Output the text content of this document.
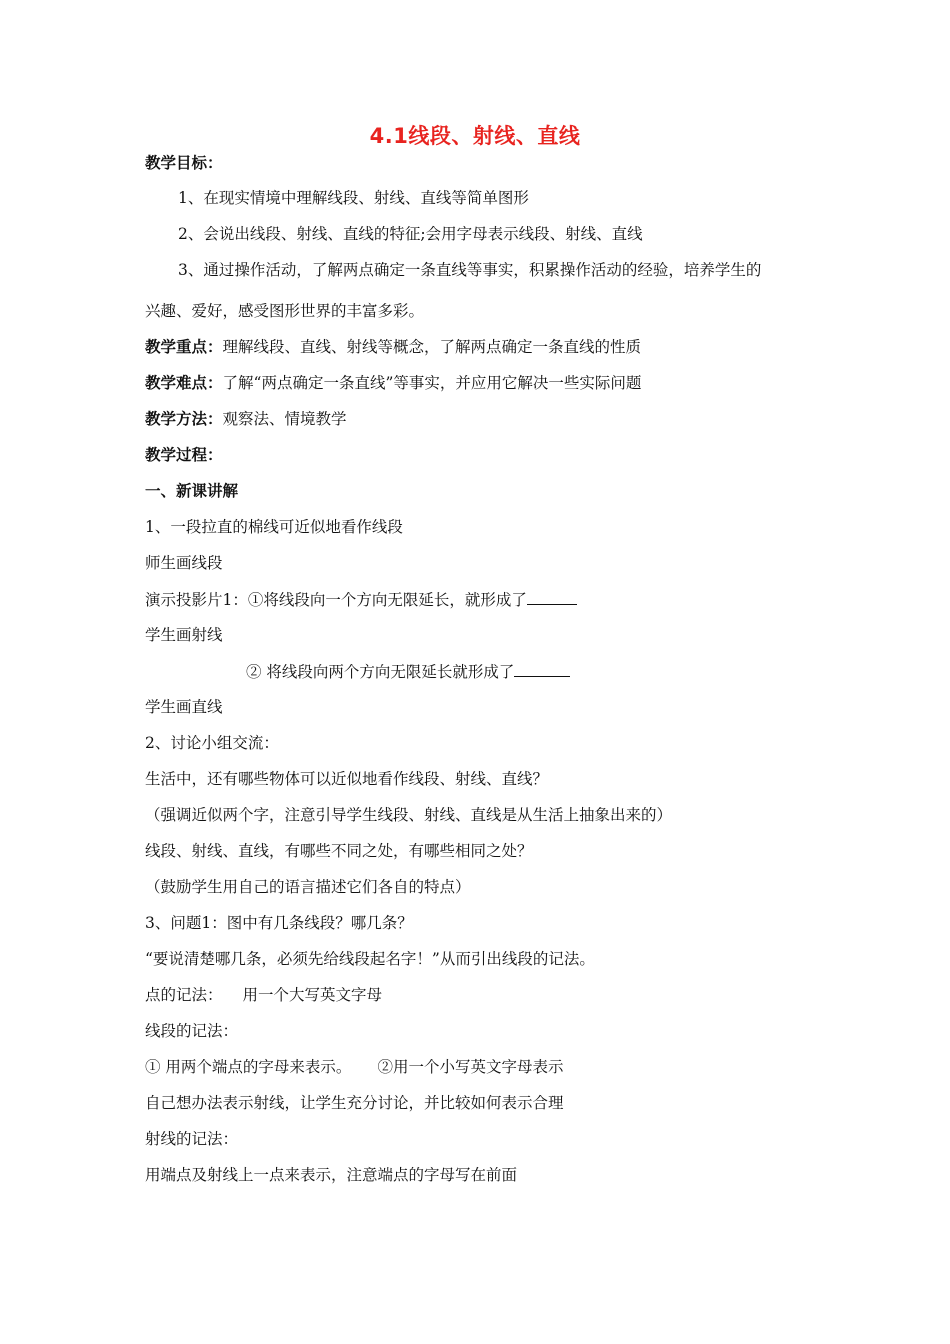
4.1线段、射线、直线
教学目标：
1、在现实情境中理解线段、射线、直线等简单图形
2、会说出线段、射线、直线的特征;会用字母表示线段、射线、直线
3、通过操作活动，了解两点确定一条直线等事实，积累操作活动的经验，培养学生的
兴趣、爱好，感受图形世界的丰富多彩。
教学重点：理解线段、直线、射线等概念，了解两点确定一条直线的性质
教学难点：了解“两点确定一条直线”等事实，并应用它解决一些实际问题
教学方法：观察法、情境教学
教学过程：
一、新课讲解
1、一段拉直的棉线可近似地看作线段
师生画线段
演示投影片1：①将线段向一个方向无限延长，就形成了
学生画射线
② 将线段向两个方向无限延长就形成了
学生画直线
2、讨论小组交流：
生活中，还有哪些物体可以近似地看作线段、射线、直线？
（强调近似两个字，注意引导学生线段、射线、直线是从生活上抽象出来的）
线段、射线、直线，有哪些不同之处，有哪些相同之处？
（鼓励学生用自己的语言描述它们各自的特点）
3、问题1：图中有几条线段？哪几条？
“要说清楚哪几条，必须先给线段起名字！”从而引出线段的记法。
点的记法： 用一个大写英文字母
线段的记法：
① 用两个端点的字母来表示。 ②用一个小写英文字母表示
自己想办法表示射线，让学生充分讨论，并比较如何表示合理
射线的记法：
用端点及射线上一点来表示，注意端点的字母写在前面
